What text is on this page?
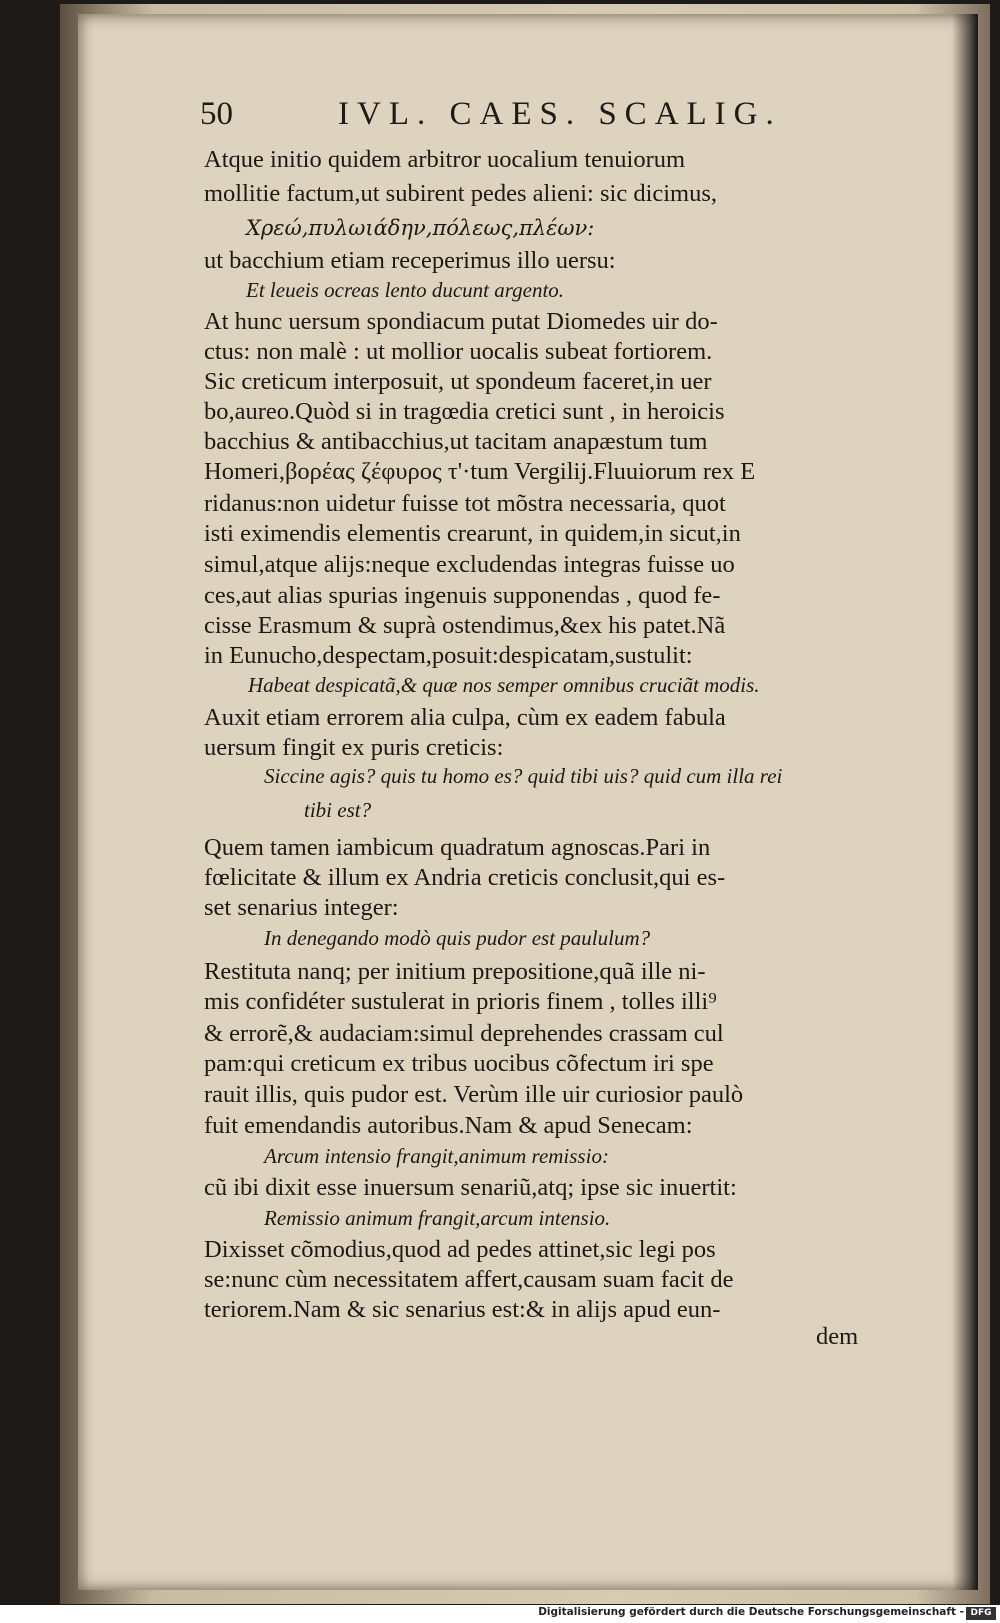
50	IVL. CAES. SCALIG.
Atque initio quidem arbitror uocalium tenuiorum
mollitie factum,ut subirent pedes alieni: sic dicimus,
Χρεώ,πυλωιάδην,πόλεως,πλέων:
ut bacchium etiam receperimus illo uersu:
Et leueis ocreas lento ducunt argento.
At hunc uersum spondiacum putat Diomedes uir do-
ctus: non malè : ut mollior uocalis subeat fortiorem.
Sic creticum interposuit, ut spondeum faceret,in uer
bo,aureo.Quòd si in tragœdia cretici sunt , in heroicis
bacchius & antibacchius,ut tacitam anapæstum tum
Homeri,βορέας ζέφυρος τ'·tum Vergilij.Fluuiorum rex E
ridanus:non uidetur fuisse tot mõstra necessaria, quot
isti eximendis elementis crearunt, in quidem,in sicut,in
simul,atque alijs:neque excludendas integras fuisse uo
ces,aut alias spurias ingenuis supponendas , quod fe-
cisse Erasmum & suprà ostendimus,&ex his patet.Nã
in Eunucho,despectam,posuit:despicatam,sustulit:
Habeat despicatã,& quæ nos semper omnibus cruciãt modis.
Auxit etiam errorem alia culpa, cùm ex eadem fabula
uersum fingit ex puris creticis:
Siccine agis? quis tu homo es? quid tibi uis? quid cum illa rei
tibi est?
Quem tamen iambicum quadratum agnoscas.Pari in
fœlicitate & illum ex Andria creticis conclusit,qui es-
set senarius integer:
In denegando modò quis pudor est paululum?
Restituta nanq; per initium prepositione,quã ille ni-
mis confidéter sustulerat in prioris finem , tolles illi⁹
& errorẽ,& audaciam:simul deprehendes crassam cul
pam:qui creticum ex tribus uocibus cõfectum iri spe
rauit illis, quis pudor est. Verùm ille uir curiosior paulò
fuit emendandis autoribus.Nam & apud Senecam:
Arcum intensio frangit,animum remissio:
cũ ibi dixit esse inuersum senariũ,atq; ipse sic inuertit:
Remissio animum frangit,arcum intensio.
Dixisset cõmodius,quod ad pedes attinet,sic legi pos
se:nunc cùm necessitatem affert,causam suam facit de
teriorem.Nam & sic senarius est:& in alijs apud eun-
dem
Digitalisierung gefördert durch die Deutsche Forschungsgemeinschaft - DFG
